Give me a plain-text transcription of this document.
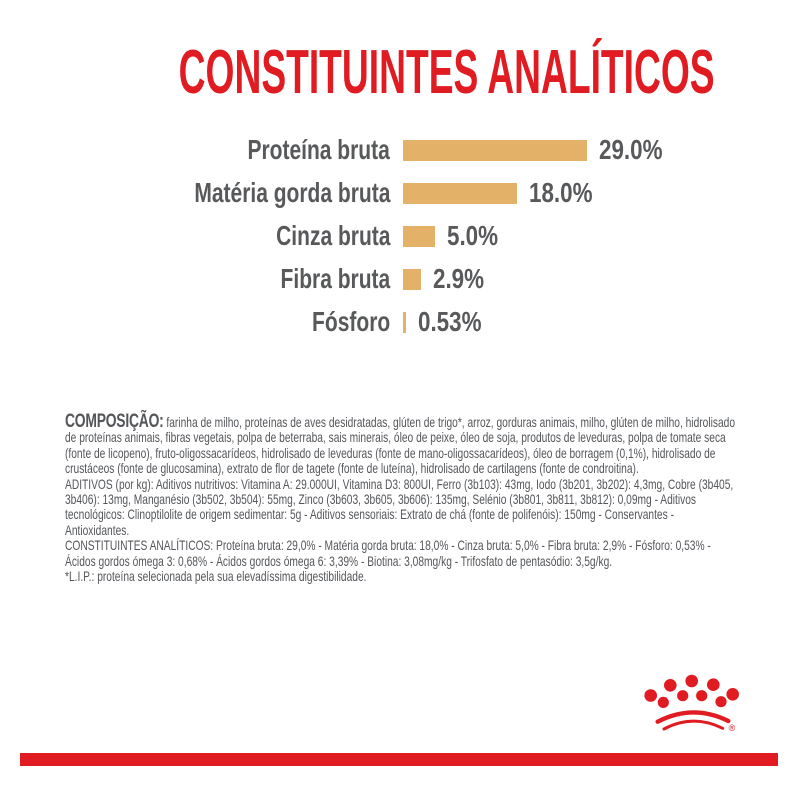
CONSTITUINTES ANALÍTICOS
Proteína bruta	29.0%
Matéria gorda bruta	18.0%
Cinza bruta 5.0%
Fibra bruta 2.9%
Fósforo 0.53%

COMPOSIÇÃO: farinha de milho, proteínas de aves desidratadas, glúten de trigo*, arroz, gorduras animais, milho, glúten de milho, hidrolisado de proteínas animais, fibras vegetais, polpa de beterraba, sais minerais, óleo de peixe, óleo de soja, produtos de leveduras, polpa de tomate seca (fonte de licopeno), fruto-oligossacarídeos, hidrolisado de leveduras (fonte de mano-oligossacarídeos), óleo de borragem (0,1%), hidrolisado de crustáceos (fonte de glucosamina), extrato de flor de tagete (fonte de luteína), hidrolisado de cartilagens (fonte de condroitina).

ADITIVOS (por kg): Aditivos nutritivos: Vitamina A: 29.000UI, Vitamina D3: 800UI, Ferro (3b103): 43mg, Iodo (3b201, 3b202): 4,3mg, Cobre (3b405, 3b406): 13mg, Manganésio (3b502, 3b504): 55mg, Zinco (3b603, 3b605, 3b606): 135mg, Selénio (3b801, 3b811, 3b812): 0,09mg - Aditivos tecnológicos: Clinoptilolite de origem sedimentar: 5g - Aditivos sensoriais: Extrato de chá (fonte de polifenóis): 150mg - Conservantes - Antioxidantes.

CONSTITUINTES ANALÍTICOS: Proteína bruta: 29,0% - Matéria gorda bruta: 18,0% - Cinza bruta: 5,0% - Fibra bruta: 2,9% - Fósforo: 0,53% - Ácidos gordos ómega 3: 0,68% - Ácidos gordos ómega 6: 3,39% - Biotina: 3,08mg/kg - Trifosfato de pentasódio: 3,5g/kg.

*L.I.P.: proteína selecionada pela sua elevadíssima digestibilidade.

®
